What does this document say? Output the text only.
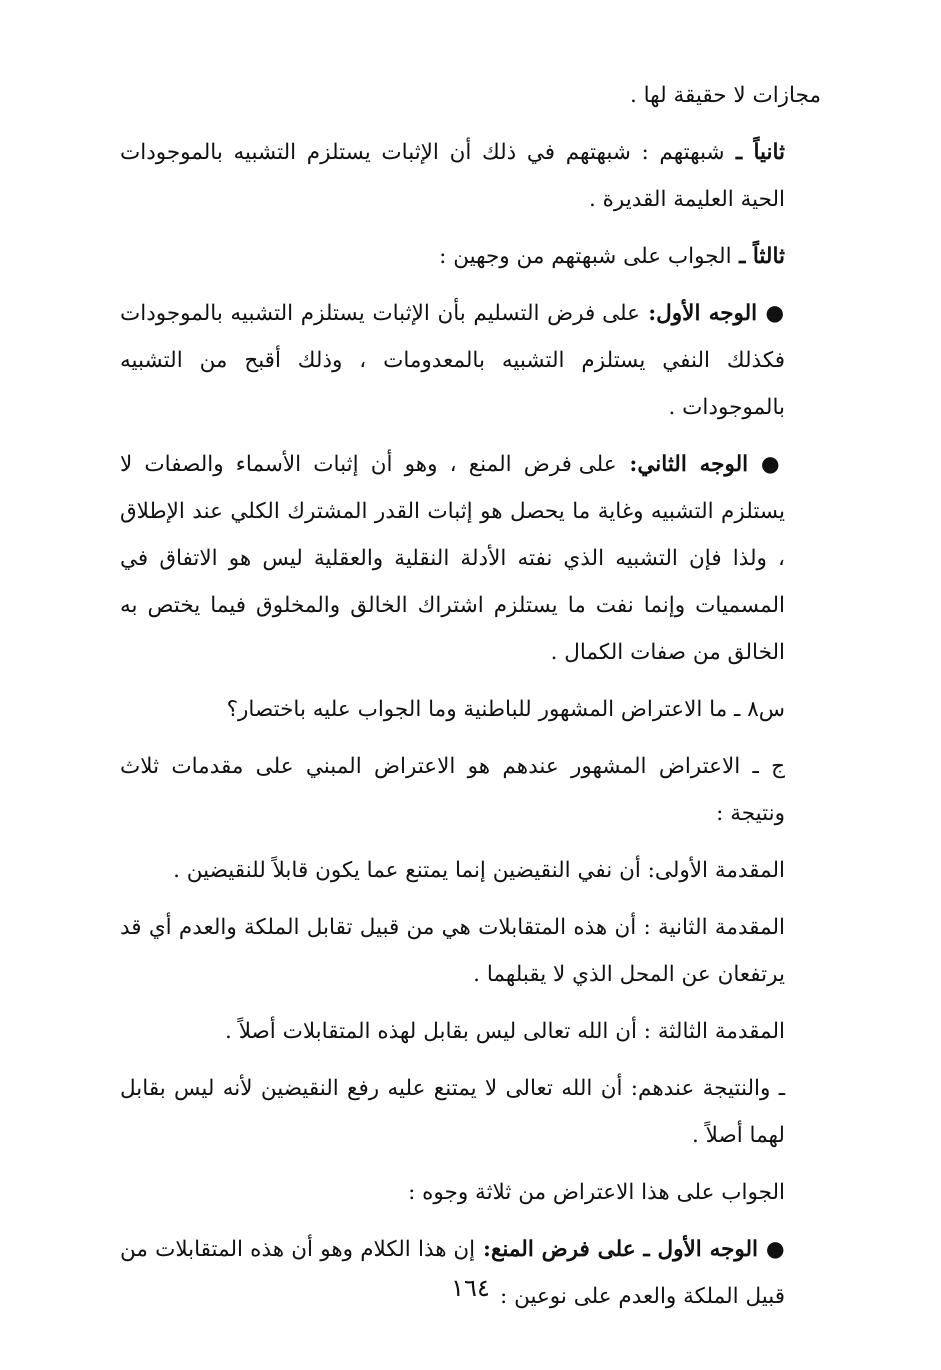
مجازات لا حقيقة لها .

ثانياً ـ شبهتهم : شبهتهم في ذلك أن الإثبات يستلزم التشبيه بالموجودات الحية العليمة القديرة .

ثالثاً ـ الجواب على شبهتهم من وجهين :

● الوجه الأول: على فرض التسليم بأن الإثبات يستلزم التشبيه بالموجودات فكذلك النفي يستلزم التشبيه بالمعدومات ، وذلك أقبح من التشبيه بالموجودات .

● الوجه الثاني: على فرض المنع ، وهو أن إثبات الأسماء والصفات لا يستلزم التشبيه وغاية ما يحصل هو إثبات القدر المشترك الكلي عند الإطلاق ، ولذا فإن التشبيه الذي نفته الأدلة النقلية والعقلية ليس هو الاتفاق في المسميات وإنما نفت ما يستلزم اشتراك الخالق والمخلوق فيما يختص به الخالق من صفات الكمال .

س٨ ـ ما الاعتراض المشهور للباطنية وما الجواب عليه باختصار؟

ج ـ الاعتراض المشهور عندهم هو الاعتراض المبني على مقدمات ثلاث ونتيجة :

المقدمة الأولى: أن نفي النقيضين إنما يمتنع عما يكون قابلاً للنقيضين .

المقدمة الثانية : أن هذه المتقابلات هي من قبيل تقابل الملكة والعدم أي قد يرتفعان عن المحل الذي لا يقبلهما .

المقدمة الثالثة : أن الله تعالى ليس بقابل لهذه المتقابلات أصلاً .

ـ والنتيجة عندهم: أن الله تعالى لا يمتنع عليه رفع النقيضين لأنه ليس بقابل لهما أصلاً .

الجواب على هذا الاعتراض من ثلاثة وجوه :

● الوجه الأول ـ على فرض المنع: إن هذا الكلام وهو أن هذه المتقابلات من قبيل الملكة والعدم على نوعين :

١٦٤
